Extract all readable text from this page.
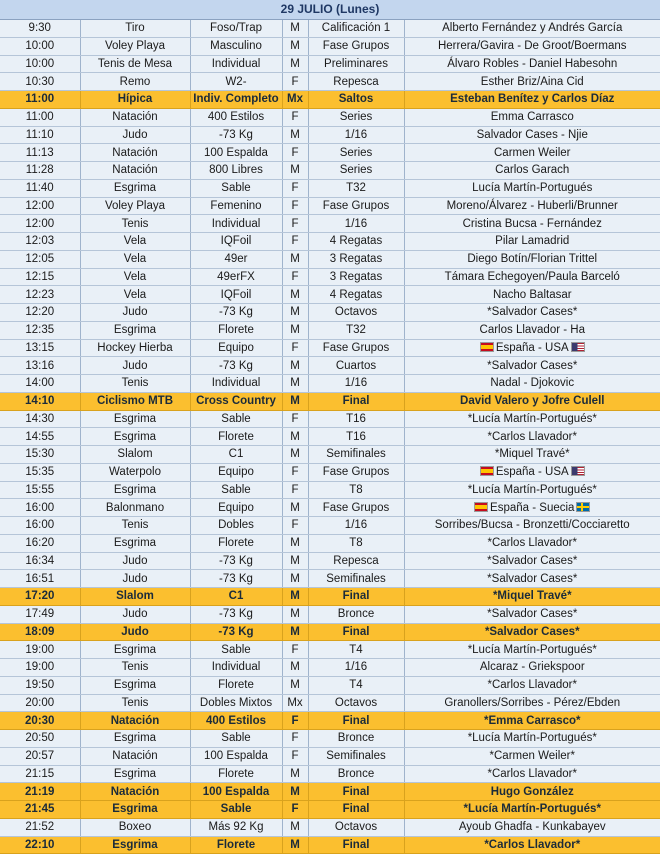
29 JULIO (Lunes)
9:30	Tiro	Foso/Trap	M	Calificación 1	Alberto Fernández y Andrés García
10:00	Voley Playa	Masculino	M	Fase Grupos	Herrera/Gavira - De Groot/Boermans
10:00	Tenis de Mesa	Individual	M	Preliminares	Álvaro Robles - Daniel Habesohn
10:30	Remo	W2-	F	Repesca	Esther Briz/Aina Cid
11:00	Hípica	Indiv. Completo	Mx	Saltos	Esteban Benítez y Carlos Díaz
11:00	Natación	400 Estilos	F	Series	Emma Carrasco
11:10	Judo	-73 Kg	M	1/16	Salvador Cases - Njie
11:13	Natación	100 Espalda	F	Series	Carmen Weiler
11:28	Natación	800 Libres	M	Series	Carlos Garach
11:40	Esgrima	Sable	F	T32	Lucía Martín-Portugués
12:00	Voley Playa	Femenino	F	Fase Grupos	Moreno/Álvarez - Huberli/Brunner
12:00	Tenis	Individual	F	1/16	Cristina Bucsa - Fernández
12:03	Vela	IQFoil	F	4 Regatas	Pilar Lamadrid
12:05	Vela	49er	M	3 Regatas	Diego Botín/Florian Trittel
12:15	Vela	49erFX	F	3 Regatas	Támara Echegoyen/Paula Barceló
12:23	Vela	IQFoil	M	4 Regatas	Nacho Baltasar
12:20	Judo	-73 Kg	M	Octavos	*Salvador Cases*
12:35	Esgrima	Florete	M	T32	Carlos Llavador - Ha
13:15	Hockey Hierba	Equipo	F	Fase Grupos	España - USA
13:16	Judo	-73 Kg	M	Cuartos	*Salvador Cases*
14:00	Tenis	Individual	M	1/16	Nadal - Djokovic
14:10	Ciclismo MTB	Cross Country	M	Final	David Valero y Jofre Culell
14:30	Esgrima	Sable	F	T16	*Lucía Martín-Portugués*
14:55	Esgrima	Florete	M	T16	*Carlos Llavador*
15:30	Slalom	C1	M	Semifinales	*Miquel Travé*
15:35	Waterpolo	Equipo	F	Fase Grupos	España - USA
15:55	Esgrima	Sable	F	T8	*Lucía Martín-Portugués*
16:00	Balonmano	Equipo	M	Fase Grupos	España - Suecia
16:00	Tenis	Dobles	F	1/16	Sorribes/Bucsa - Bronzetti/Cocciaretto
16:20	Esgrima	Florete	M	T8	*Carlos Llavador*
16:34	Judo	-73 Kg	M	Repesca	*Salvador Cases*
16:51	Judo	-73 Kg	M	Semifinales	*Salvador Cases*
17:20	Slalom	C1	M	Final	*Miquel Travé*
17:49	Judo	-73 Kg	M	Bronce	*Salvador Cases*
18:09	Judo	-73 Kg	M	Final	*Salvador Cases*
19:00	Esgrima	Sable	F	T4	*Lucía Martín-Portugués*
19:00	Tenis	Individual	M	1/16	Alcaraz - Griekspoor
19:50	Esgrima	Florete	M	T4	*Carlos Llavador*
20:00	Tenis	Dobles Mixtos	Mx	Octavos	Granollers/Sorribes - Pérez/Ebden
20:30	Natación	400 Estilos	F	Final	*Emma Carrasco*
20:50	Esgrima	Sable	F	Bronce	*Lucía Martín-Portugués*
20:57	Natación	100 Espalda	F	Semifinales	*Carmen Weiler*
21:15	Esgrima	Florete	M	Bronce	*Carlos Llavador*
21:19	Natación	100 Espalda	M	Final	Hugo González
21:45	Esgrima	Sable	F	Final	*Lucía Martín-Portugués*
21:52	Boxeo	Más 92 Kg	M	Octavos	Ayoub Ghadfa - Kunkabayev
22:10	Esgrima	Florete	M	Final	*Carlos Llavador*
